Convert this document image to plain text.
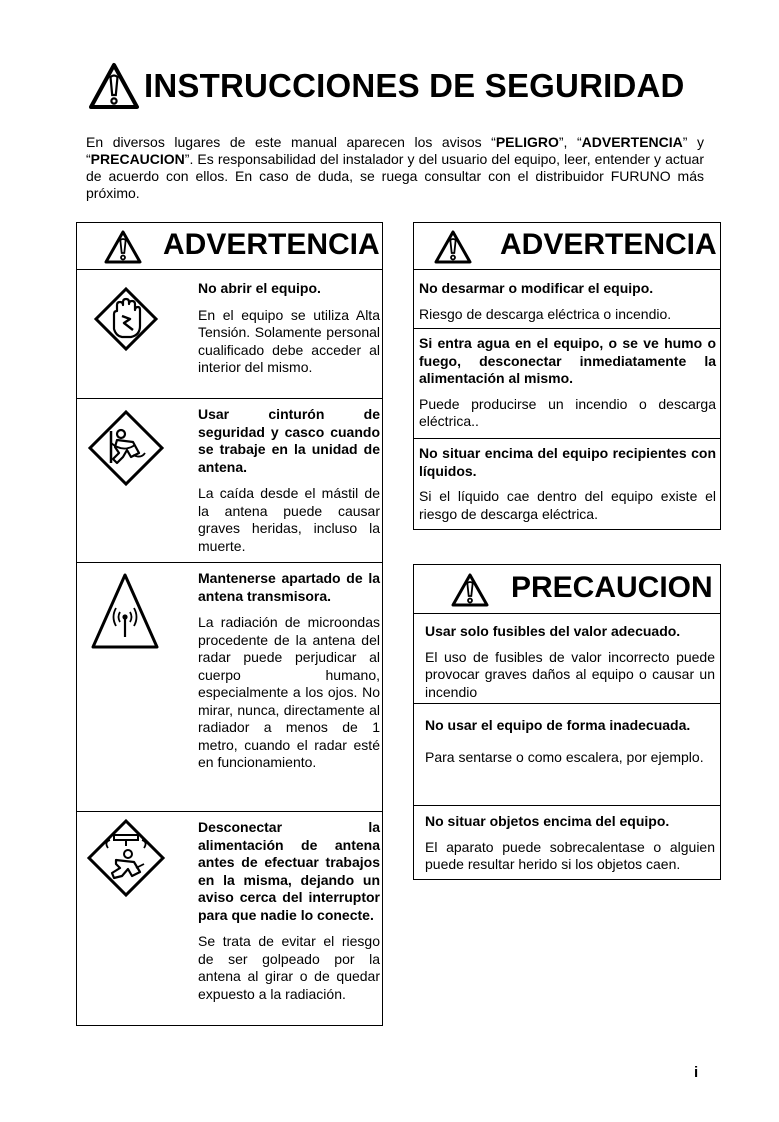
INSTRUCCIONES DE SEGURIDAD
En diversos lugares de este manual aparecen los avisos “PELIGRO”, “ADVERTENCIA” y “PRECAUCION”. Es responsabilidad del instalador y del usuario del equipo, leer, entender y actuar de acuerdo con ellos. En caso de duda, se ruega consultar con el distribuidor FURUNO más próximo.
ADVERTENCIA

No abrir el equipo.

En el equipo se utiliza Alta Tensión. Solamente personal cualificado debe acceder al interior del mismo.

Usar cinturón de seguridad y casco cuando se trabaje en la unidad de antena.

La caída desde el mástil de la antena puede causar graves heridas, incluso la muerte.

Mantenerse apartado de la antena transmisora.

La radiación de microondas procedente de la antena del radar puede perjudicar al cuerpo humano, especialmente a los ojos. No mirar, nunca, directamente al radiador a menos de 1 metro, cuando el radar esté en funcionamiento.

Desconectar la alimentación de antena antes de efectuar trabajos en la misma, dejando un aviso cerca del interruptor para que nadie lo conecte.

Se trata de evitar el riesgo de ser golpeado por la antena al girar o de quedar expuesto a la radiación.

ADVERTENCIA

No desarmar o modificar el equipo.

Riesgo de descarga eléctrica o incendio.

Si entra agua en el equipo, o se ve humo o fuego, desconectar inmediatamente la alimentación al mismo.

Puede producirse un incendio o descarga eléctrica..

No situar encima del equipo recipientes con líquidos.

Si el líquido cae dentro del equipo existe el riesgo de descarga eléctrica.

PRECAUCION

Usar solo fusibles del valor adecuado.

El uso de fusibles de valor incorrecto puede provocar graves daños al equipo o causar un incendio

No usar el equipo de forma inadecuada.

Para sentarse o como escalera, por ejemplo.

No situar objetos encima del equipo.

El aparato puede sobrecalentase o alguien puede resultar herido si los objetos caen.

i
